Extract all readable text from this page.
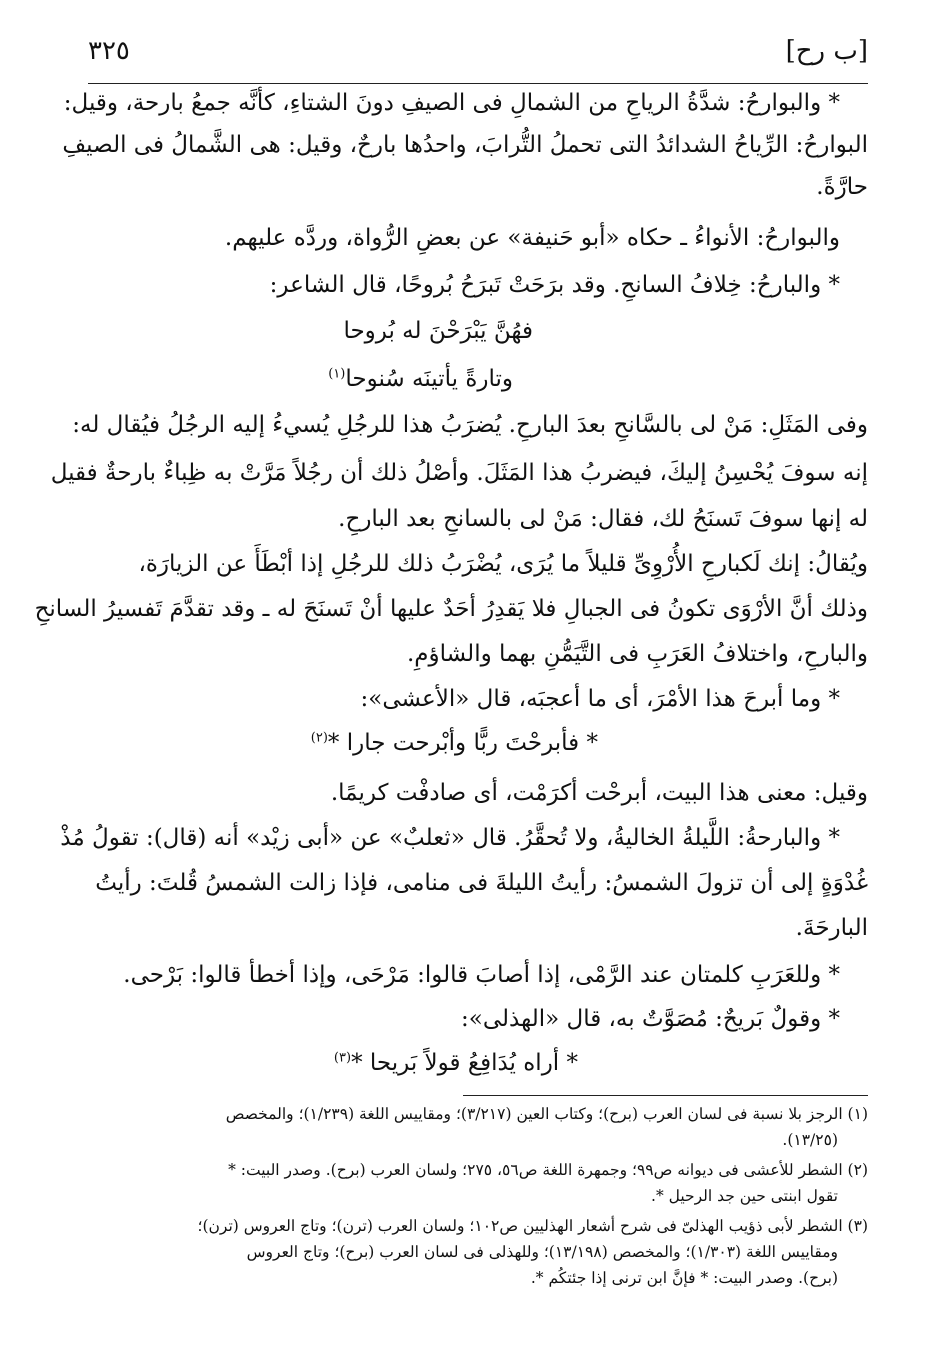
[ب رح]
٣٢٥
* والبوارحُ: شدَّةُ الرياحِ من الشمالِ فى الصيفِ دونَ الشتاءِ، كأنَّه جمعُ بارحة، وقيل:
البوارحُ: الرِّياحُ الشدائدُ التى تحملُ التُّرابَ، واحدُها بارحٌ، وقيل: هى الشَّمالُ فى الصيفِ
حارَّةً.
والبوارحُ: الأنواءُ ـ حكاه «أبو حَنيفة» عن بعضِ الرُّواة، وردَّه عليهم.
* والبارحُ: خِلافُ السانحِ. وقد برَحَتْ تَبرَحُ بُروحًا، قال الشاعر:
فهُنَّ يَبْرَحْنَ له بُروحا
وتارةً يأتينَه سُنوحا$^{(١)}$
وفى المَثَلِ: مَنْ لى بالسَّانحِ بعدَ البارحِ. يُضرَبُ هذا للرجُلِ يُسيءُ إليه الرجُلُ فيُقال له:
إنه سوفَ يُحْسِنُ إليكَ، فيضربُ هذا المَثَلَ. وأصْلُ ذلك أن رجُلاً مَرَّتْ به ظِباءٌ بارحةٌ فقيل
له إنها سوفَ تَسنَحُ لك، فقال: مَنْ لى بالسانحِ بعد البارحِ.
ويُقالُ: إنك لَكبارحِ الأُرْوِىِّ قليلاً ما يُرَى، يُضْرَبُ ذلك للرجُلِ إذا أبْطَأَ عن الزيارَة،
وذلك أنَّ الأرْوَى تكونُ فى الجبالِ فلا يَقدِرُ أحَدٌ عليها أنْ تَسنَحَ له ـ وقد تقدَّمَ تَفسيرُ السانحِ
والبارحِ، واختلافُ العَرَبِ فى التَّيَمُّنِ بهما والشاؤمِ.
* وما أبرحَ هذا الأمْرَ، أى ما أعجبَه، قال «الأعشى»:
* فأبرحْتَ ربًّا وأبْرحت جارا *$^{(٢)}$
وقيل: معنى هذا البيت، أبرحْت أكرَمْت، أى صادفْت كريمًا.
* والبارحةُ: اللَّيلةُ الخاليةُ، ولا تُحقَّرُ. قال «ثعلبٌ» عن «أبى زيْد» أنه (قال): تقولُ مُذْ
غُدْوَةٍ إلى أن تزولَ الشمسُ: رأيتُ الليلةَ فى منامى، فإذا زالت الشمسُ قُلتَ: رأيتُ
البارحَةَ.
* وللعَرَبِ كلمتان عند الرَّمْى، إذا أصابَ قالوا: مَرْحَى، وإذا أخطأ قالوا: بَرْحى.
* وقولٌ بَريحٌ: مُصَوَّتٌ به، قال «الهذلى»:
* أراه يُدَافِعُ قولاً بَريحا *$^{(٣)}$
(١) الرجز بلا نسبة فى لسان العرب (برح)؛ وكتاب العين (٣/٢١٧)؛ ومقاييس اللغة (١/٢٣٩)؛ والمخصص
(١٣/٢٥).
(٢) الشطر للأعشى فى ديوانه ص٩٩؛ وجمهرة اللغة ص٥٦، ٢٧٥؛ ولسان العرب (برح). وصدر البيت: *
تقول ابنتى حين جد الرحيل *.
(٣) الشطر لأبى ذؤيب الهذلىّ فى شرح أشعار الهذليين ص١٠٢؛ ولسان العرب (ترن)؛ وتاج العروس (ترن)؛
ومقاييس اللغة (١/٣٠٣)؛ والمخصص (١٣/١٩٨)؛ وللهذلى فى لسان العرب (برح)؛ وتاج العروس
(برح). وصدر البيت: * فإنَّ ابن ترنى إذا جئتكُم *.
